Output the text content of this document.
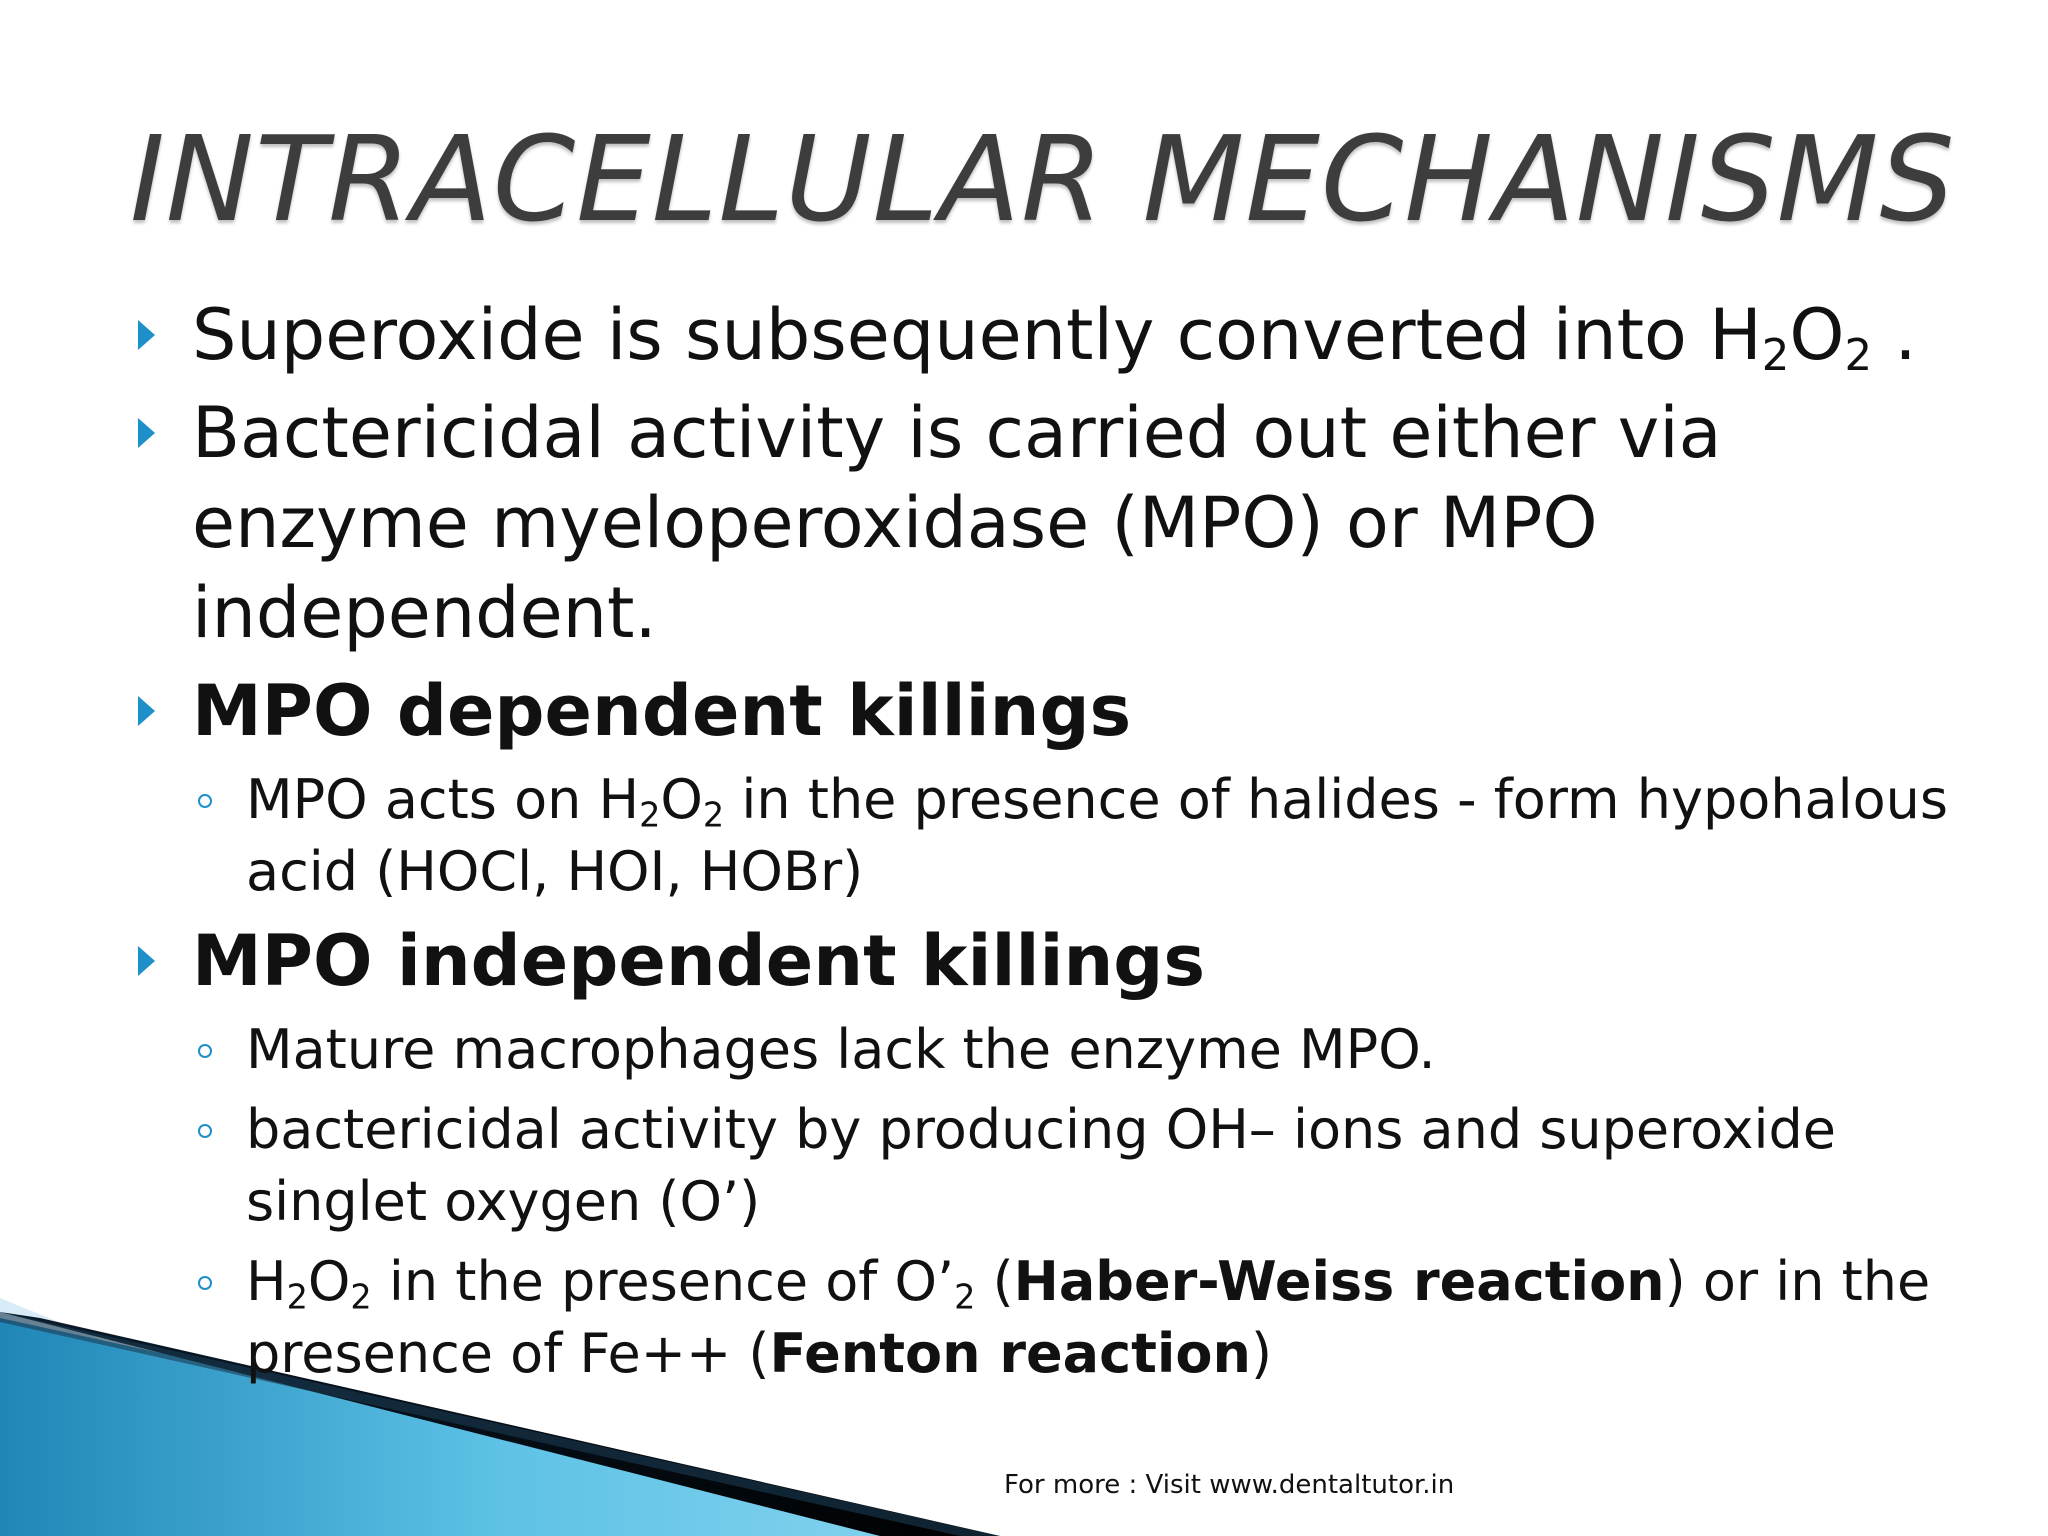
INTRACELLULAR MECHANISMS
Superoxide is subsequently converted into $H_2O_2$ .
Bactericidal activity is carried out either via enzyme myeloperoxidase (MPO) or MPO independent.
MPO dependent killings
MPO acts on $H_2O_2$ in the presence of halides - form hypohalous acid (HOCl, HOI, HOBr)
MPO independent killings
Mature macrophages lack the enzyme MPO.
bactericidal activity by producing OH– ions and superoxide singlet oxygen (O’)
$H_2O_2$ in the presence of $O’_2$ (Haber-Weiss reaction) or in the presence of Fe++ (Fenton reaction)
For more : Visit www.dentaltutor.in
